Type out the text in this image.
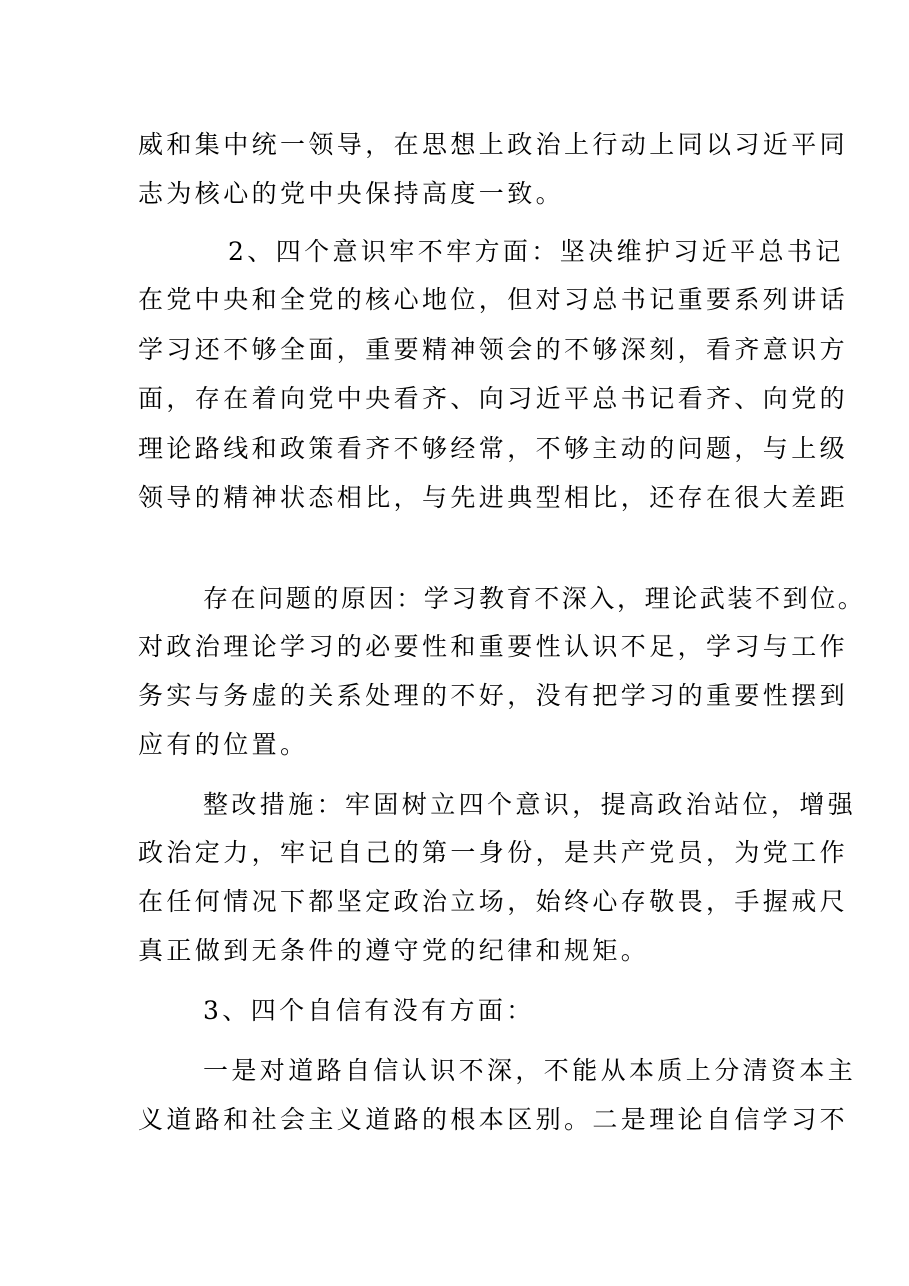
威和集中统一领导，在思想上政治上行动上同以习近平同

志为核心的党中央保持高度一致。

2、四个意识牢不牢方面：坚决维护习近平总书记

在党中央和全党的核心地位，但对习总书记重要系列讲话

学习还不够全面，重要精神领会的不够深刻，看齐意识方

面，存在着向党中央看齐、向习近平总书记看齐、向党的

理论路线和政策看齐不够经常，不够主动的问题，与上级

领导的精神状态相比，与先进典型相比，还存在很大差距

存在问题的原因：学习教育不深入，理论武装不到位。

对政治理论学习的必要性和重要性认识不足，学习与工作

务实与务虚的关系处理的不好，没有把学习的重要性摆到

应有的位置。

整改措施：牢固树立四个意识，提高政治站位，增强

政治定力，牢记自己的第一身份，是共产党员，为党工作

在任何情况下都坚定政治立场，始终心存敬畏，手握戒尺

真正做到无条件的遵守党的纪律和规矩。

3、四个自信有没有方面：

一是对道路自信认识不深，不能从本质上分清资本主

义道路和社会主义道路的根本区别。二是理论自信学习不
